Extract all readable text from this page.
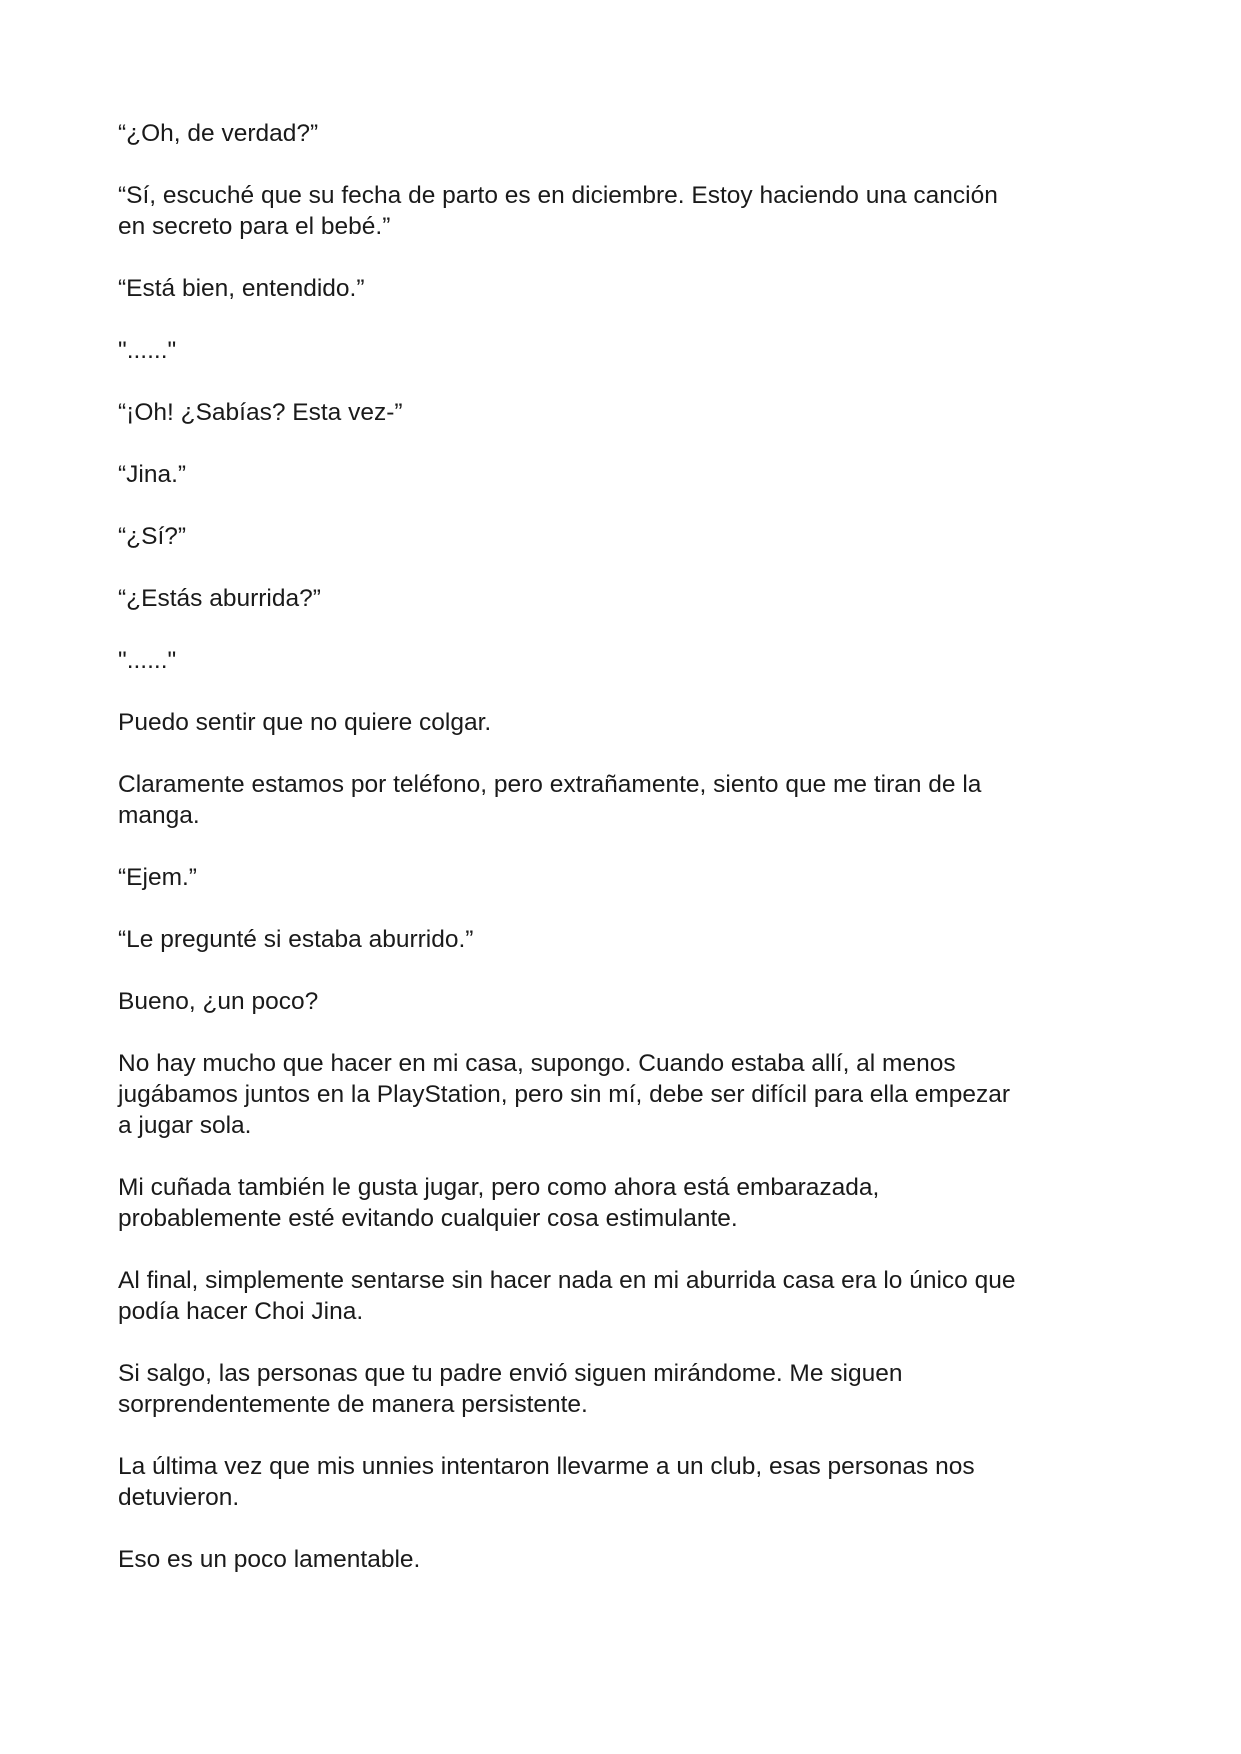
“¿Oh, de verdad?”

“Sí, escuché que su fecha de parto es en diciembre. Estoy haciendo una canción
en secreto para el bebé.”

“Está bien, entendido.”

"......"

“¡Oh! ¿Sabías? Esta vez-”

“Jina.”

“¿Sí?”

“¿Estás aburrida?”

"......"

Puedo sentir que no quiere colgar.

Claramente estamos por teléfono, pero extrañamente, siento que me tiran de la
manga.

“Ejem.”

“Le pregunté si estaba aburrido.”

Bueno, ¿un poco?

No hay mucho que hacer en mi casa, supongo. Cuando estaba allí, al menos
jugábamos juntos en la PlayStation, pero sin mí, debe ser difícil para ella empezar
a jugar sola.

Mi cuñada también le gusta jugar, pero como ahora está embarazada,
probablemente esté evitando cualquier cosa estimulante.

Al final, simplemente sentarse sin hacer nada en mi aburrida casa era lo único que
podía hacer Choi Jina.

Si salgo, las personas que tu padre envió siguen mirándome. Me siguen
sorprendentemente de manera persistente.

La última vez que mis unnies intentaron llevarme a un club, esas personas nos
detuvieron.

Eso es un poco lamentable.
